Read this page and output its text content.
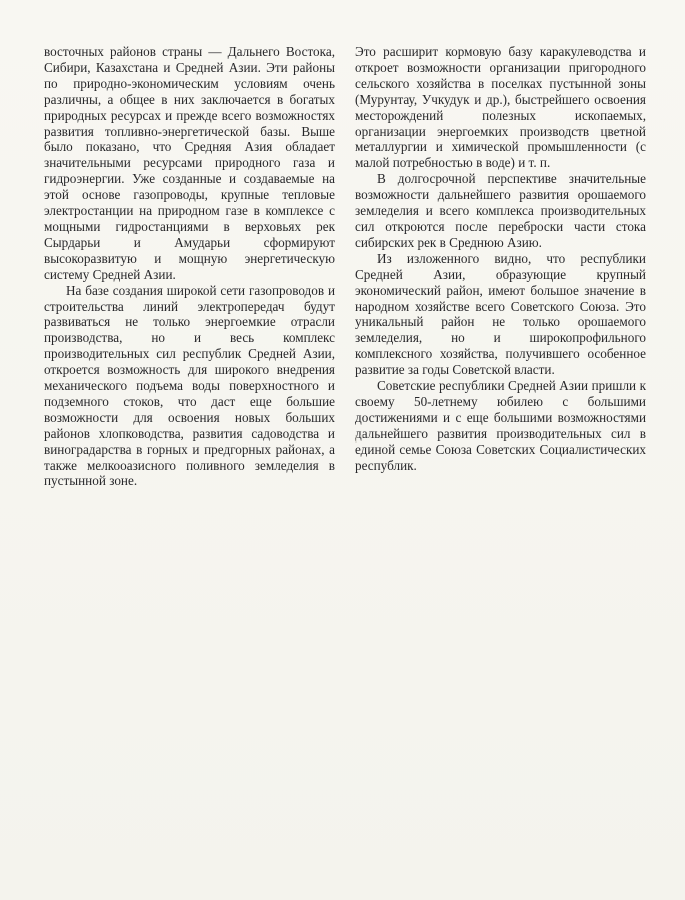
восточных районов страны — Дальнего Востока, Сибири, Казахстана и Средней Азии. Эти районы по природно-экономическим условиям очень различны, а общее в них заключается в богатых природных ресурсах и прежде всего возможностях развития топливно-энергетической базы. Выше было показано, что Средняя Азия обладает значительными ресурсами природного газа и гидроэнергии. Уже созданные и создаваемые на этой основе газопроводы, крупные тепловые электростанции на природном газе в комплексе с мощными гидростанциями в верховьях рек Сырдарьи и Амударьи сформируют высокоразвитую и мощную энергетическую систему Средней Азии.

На базе создания широкой сети газопроводов и строительства линий электропередач будут развиваться не только энергоемкие отрасли производства, но и весь комплекс производительных сил республик Средней Азии, откроется возможность для широкого внедрения механического подъема воды поверхностного и подземного стоков, что даст еще большие возможности для освоения новых больших районов хлопководства, развития садоводства и виноградарства в горных и предгорных районах, а также мелкооазисного поливного земледелия в пустынной зоне.

Это расширит кормовую базу каракулеводства и откроет возможности организации пригородного сельского хозяйства в поселках пустынной зоны (Мурунтау, Учкудук и др.), быстрейшего освоения месторождений полезных ископаемых, организации энергоемких производств цветной металлургии и химической промышленности (с малой потребностью в воде) и т. п.

В долгосрочной перспективе значительные возможности дальнейшего развития орошаемого земледелия и всего комплекса производительных сил откроются после переброски части стока сибирских рек в Среднюю Азию.

Из изложенного видно, что республики Средней Азии, образующие крупный экономический район, имеют большое значение в народном хозяйстве всего Советского Союза. Это уникальный район не только орошаемого земледелия, но и широкопрофильного комплексного хозяйства, получившего особенное развитие за годы Советской власти.

Советские республики Средней Азии пришли к своему 50-летнему юбилею с большими достижениями и с еще большими возможностями дальнейшего развития производительных сил в единой семье Союза Советских Социалистических республик.
